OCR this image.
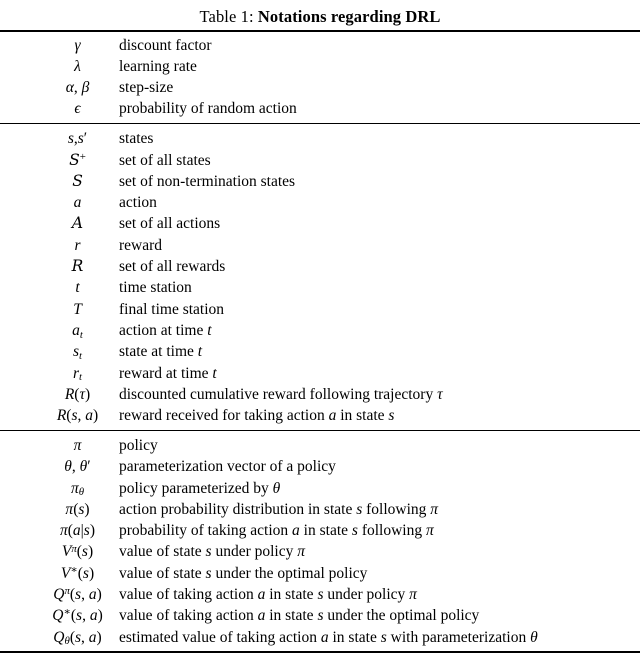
Table 1: Notations regarding DRL
γ	discount factor
λ	learning rate
α, β	step-size
ϵ	probability of random action
s,s′	states
S+	set of all states
S	set of non-termination states
a	action
A	set of all actions
r	reward
R	set of all rewards
t	time station
T	final time station
$a_t$	action at time t
$s_t$	state at time t
$r_t$	reward at time t
R(τ)	discounted cumulative reward following trajectory τ
R(s, a)	reward received for taking action a in state s
π	policy
θ, θ′	parameterization vector of a policy
$\pi_\theta$	policy parameterized by θ
π(s)	action probability distribution in state s following π
π(a|s)	probability of taking action a in state s following π
$V^\pi(s)$	value of state s under policy π
V∗(s)	value of state s under the optimal policy
$Q^\pi(s$, a)	value of taking action a in state s under policy π
Q∗(s, a)	value of taking action a in state s under the optimal policy
$Q_\theta(s$, a)	estimated value of taking action a in state s with parameterization θ
